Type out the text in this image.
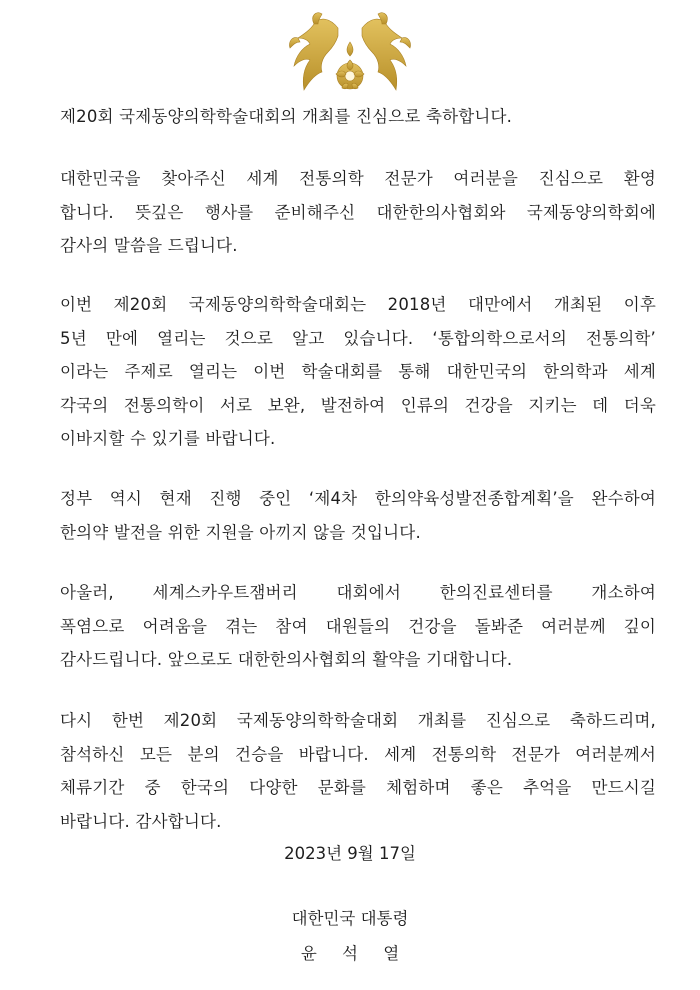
제20회 국제동양의학학술대회의 개최를 진심으로 축하합니다.

대한민국을 찾아주신 세계 전통의학 전문가 여러분을 진심으로 환영
합니다. 뜻깊은 행사를 준비해주신 대한한의사협회와 국제동양의학회에
감사의 말씀을 드립니다.

이번 제20회 국제동양의학학술대회는 2018년 대만에서 개최된 이후
5년 만에 열리는 것으로 알고 있습니다. ‘통합의학으로서의 전통의학’
이라는 주제로 열리는 이번 학술대회를 통해 대한민국의 한의학과 세계
각국의 전통의학이 서로 보완, 발전하여 인류의 건강을 지키는 데 더욱
이바지할 수 있기를 바랍니다.

정부 역시 현재 진행 중인 ‘제4차 한의약육성발전종합계획’을 완수하여
한의약 발전을 위한 지원을 아끼지 않을 것입니다.

아울러, 세계스카우트잼버리 대회에서 한의진료센터를 개소하여
폭염으로 어려움을 겪는 참여 대원들의 건강을 돌봐준 여러분께 깊이
감사드립니다. 앞으로도 대한한의사협회의 활약을 기대합니다.

다시 한번 제20회 국제동양의학학술대회 개최를 진심으로 축하드리며,
참석하신 모든 분의 건승을 바랍니다. 세계 전통의학 전문가 여러분께서
체류기간 중 한국의 다양한 문화를 체험하며 좋은 추억을 만드시길
바랍니다. 감사합니다.

2023년 9월 17일
대한민국 대통령
윤 석 열
